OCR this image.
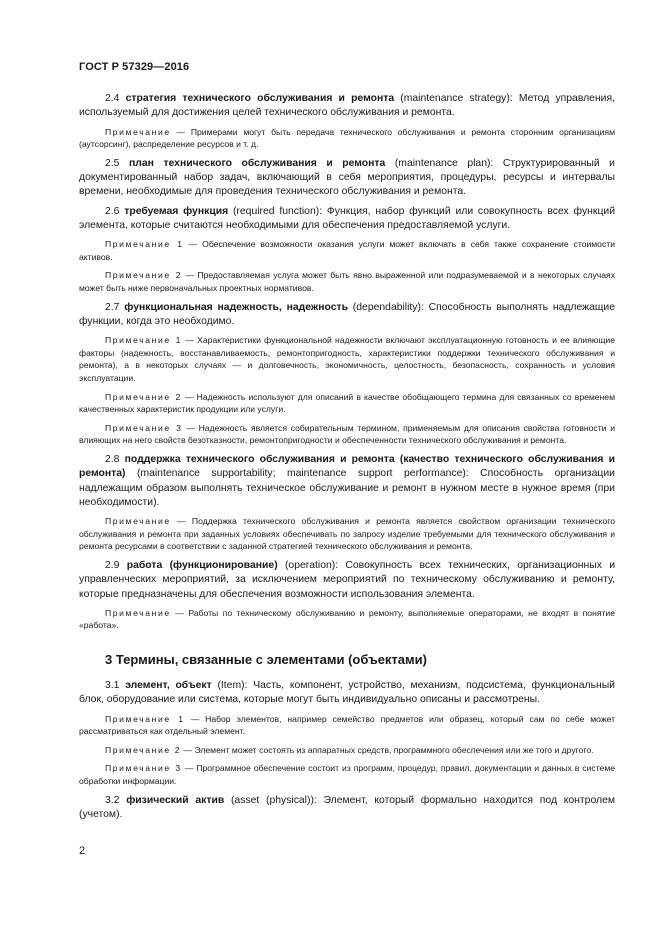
ГОСТ Р 57329—2016

2.4 стратегия технического обслуживания и ремонта (maintenance strategy): Метод управления, используемый для достижения целей технического обслуживания и ремонта.

Примечание — Примерами могут быть передача технического обслуживания и ремонта сторонним организациям (аутсорсинг), распределение ресурсов и т. д.

2.5 план технического обслуживания и ремонта (maintenance plan): Структурированный и документированный набор задач, включающий в себя мероприятия, процедуры, ресурсы и интервалы времени, необходимые для проведения технического обслуживания и ремонта.

2.6 требуемая функция (required function): Функция, набор функций или совокупность всех функций элемента, которые считаются необходимыми для обеспечения предоставляемой услуги.

Примечание 1 — Обеспечение возможности оказания услуги может включать в себя также сохранение стоимости активов.

Примечание 2 — Предоставляемая услуга может быть явно выраженной или подразумеваемой и в некоторых случаях может быть ниже первоначальных проектных нормативов.

2.7 функциональная надежность, надежность (dependability): Способность выполнять надлежащие функции, когда это необходимо.

Примечание 1 — Характеристики функциональной надежности включают эксплуатационную готовность и ее влияющие факторы (надежность, восстанавливаемость, ремонтопригодность, характеристики поддержки технического обслуживания и ремонта), а в некоторых случаях — и долговечность, экономичность, целостность, безопасность, сохранность и условия эксплуатации.

Примечание 2 — Надежность используют для описаний в качестве обобщающего термина для связанных со временем качественных характеристик продукции или услуги.

Примечание 3 — Надежность является собирательным термином, применяемым для описания свойства готовности и влияющих на него свойств безотказности, ремонтопригодности и обеспеченности технического обслуживания и ремонта.

2.8 поддержка технического обслуживания и ремонта (качество технического обслуживания и ремонта) (maintenance supportability; maintenance support performance): Способность организации надлежащим образом выполнять техническое обслуживание и ремонт в нужном месте в нужное время (при необходимости).

Примечание — Поддержка технического обслуживания и ремонта является свойством организации технического обслуживания и ремонта при заданных условиях обеспечивать по запросу изделие требуемыми для технического обслуживания и ремонта ресурсами в соответствии с заданной стратегией технического обслуживания и ремонта.

2.9 работа (функционирование) (operation): Совокупность всех технических, организационных и управленческих мероприятий, за исключением мероприятий по техническому обслуживанию и ремонту, которые предназначены для обеспечения возможности использования элемента.

Примечание — Работы по техническому обслуживанию и ремонту, выполняемые операторами, не входят в понятие «работа».

3 Термины, связанные с элементами (объектами)

3.1 элемент, объект (Item): Часть, компонент, устройство, механизм, подсистема, функциональный блок, оборудование или система, которые могут быть индивидуально описаны и рассмотрены.

Примечание 1 — Набор элементов, например семейство предметов или образец, который сам по себе может рассматриваться как отдельный элемент.

Примечание 2 — Элемент может состоять из аппаратных средств, программного обеспечения или же того и другого.

Примечание 3 — Программное обеспечение состоит из программ, процедур, правил, документации и данных в системе обработки информации.

3.2 физический актив (asset (physical)): Элемент, который формально находится под контролем (учетом).

2
